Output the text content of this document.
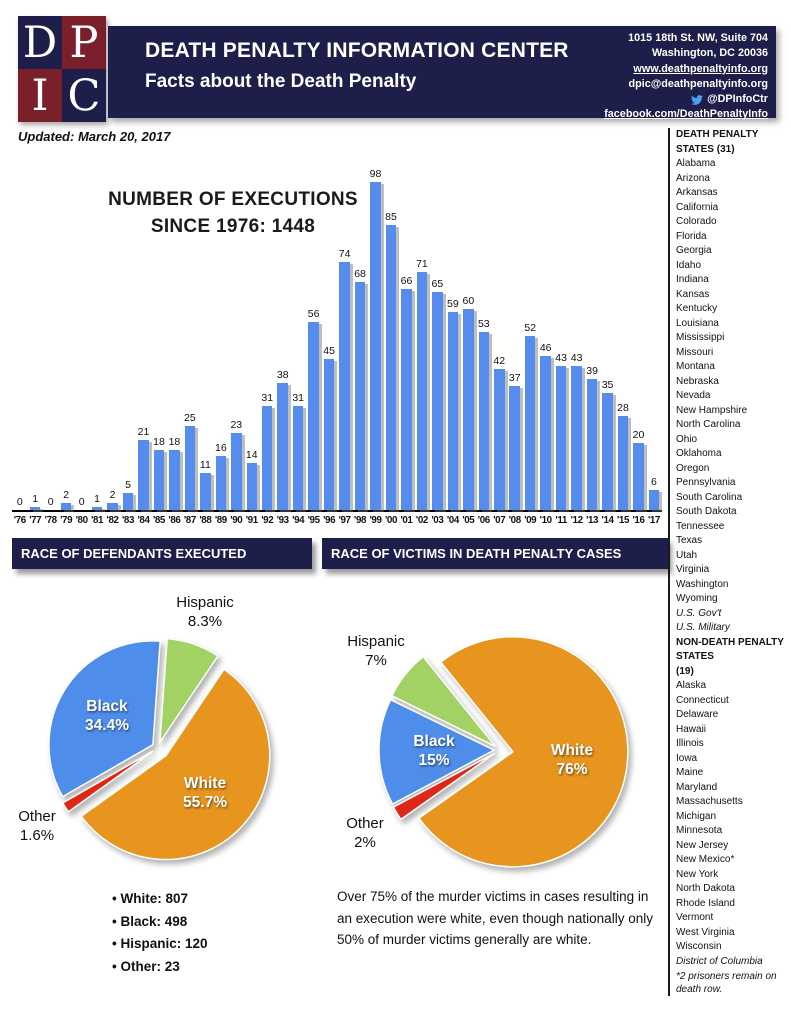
D P
I C
DEATH PENALTY INFORMATION CENTER
Facts about the Death Penalty
1015 18th St. NW, Suite 704
Washington, DC 20036
www.deathpenaltyinfo.org
dpic@deathpenaltyinfo.org
@DPInfoCtr
facebook.com/DeathPenaltyInfo
Updated: March 20, 2017
NUMBER OF EXECUTIONS
SINCE 1976: 1448
0 1 0
2
0 1 2
5
21
18 18
25
11
16
23
14
31
38
31
56
45
74
68
98
85
66
71
65
59 60
53
42
37
52
46
43 43
39
35
28
20
6
'76 '77 '78 '79 '80 '81 '82 '83 '84 '85 '86 '87 '88 '89 '90 '91 '92 '93 '94 '95 '96 '97 '98 '99 '00 '01 '02 '03 '04 '05 '06 '07 '08 '09 '10 '11 '12 '13 '14 '15 '16 '17
RACE OF DEFENDANTS EXECUTED	RACE OF VICTIMS IN DEATH PENALTY CASES
Hispanic
8.3%
White
55.7%
Other
1.6%
Black
34.4%
Hispanic
7%
White
76%
Other
2%
Black
15%
• White: 807
• Black: 498
• Hispanic: 120
• Other: 23

Over 75% of the murder victims in cases resulting in an execution were white, even though nationally only 50% of murder victims generally are white.

DEATH PENALTY STATES (31)
Alabama
Arizona
Arkansas
California
Colorado
Florida
Georgia
Idaho
Indiana
Kansas
Kentucky
Louisiana
Mississippi
Missouri
Montana
Nebraska
Nevada
New Hampshire
North Carolina
Ohio
Oklahoma
Oregon
Pennsylvania
South Carolina
South Dakota
Tennessee
Texas
Utah
Virginia
Washington
Wyoming
U.S. Gov't
U.S. Military
NON-DEATH PENALTY STATES
(19)
Alaska
Connecticut
Delaware
Hawaii
Illinois
Iowa
Maine
Maryland
Massachusetts
Michigan
Minnesota
New Jersey
New Mexico*
New York
North Dakota
Rhode Island
Vermont
West Virginia
Wisconsin
District of Columbia
*2 prisoners remain on death row.
